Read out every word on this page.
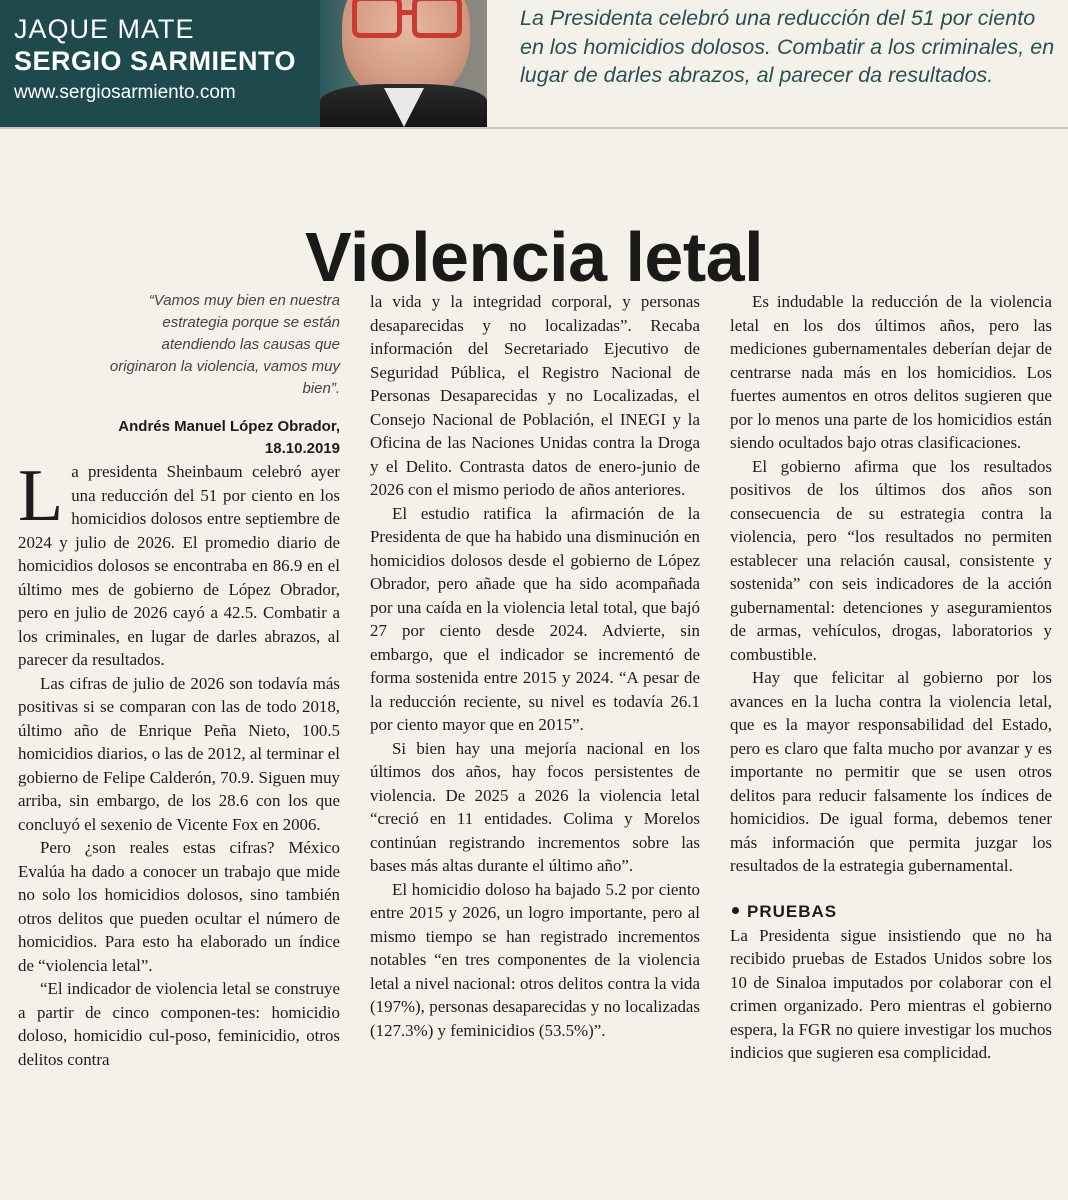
JAQUE MATE
SERGIO SARMIENTO
www.sergiosarmiento.com
La Presidenta celebró una reducción del 51 por ciento en los homicidios dolosos. Combatir a los criminales, en lugar de darles abrazos, al parecer da resultados.
Violencia letal
“Vamos muy bien en nuestra estrategia porque se están atendiendo las causas que originaron la violencia, vamos muy bien”.
Andrés Manuel López Obrador,
18.10.2019

La presidenta Sheinbaum celebró ayer una reducción del 51 por ciento en los homicidios dolosos entre septiembre de 2024 y julio de 2026. El promedio diario de homicidios dolosos se encontraba en 86.9 en el último mes de gobierno de López Obrador, pero en julio de 2026 cayó a 42.5. Combatir a los criminales, en lugar de darles abrazos, al parecer da resultados.

Las cifras de julio de 2026 son todavía más positivas si se comparan con las de todo 2018, último año de Enrique Peña Nieto, 100.5 homicidios diarios, o las de 2012, al terminar el gobierno de Felipe Calderón, 70.9. Siguen muy arriba, sin embargo, de los 28.6 con los que concluyó el sexenio de Vicente Fox en 2006.

Pero ¿son reales estas cifras? México Evalúa ha dado a conocer un trabajo que mide no solo los homicidios dolosos, sino también otros delitos que pueden ocultar el número de homicidios. Para esto ha elaborado un índice de “violencia letal”.

“El indicador de violencia letal se construye a partir de cinco componen-tes: homicidio doloso, homicidio cul-poso, feminicidio, otros delitos contra

la vida y la integridad corporal, y personas desaparecidas y no localizadas”. Recaba información del Secretariado Ejecutivo de Seguridad Pública, el Registro Nacional de Personas Desaparecidas y no Localizadas, el Consejo Nacional de Población, el INEGI y la Oficina de las Naciones Unidas contra la Droga y el Delito. Contrasta datos de enero-junio de 2026 con el mismo periodo de años anteriores.

El estudio ratifica la afirmación de la Presidenta de que ha habido una disminución en homicidios dolosos desde el gobierno de López Obrador, pero añade que ha sido acompañada por una caída en la violencia letal total, que bajó 27 por ciento desde 2024. Advierte, sin embargo, que el indicador se incrementó de forma sostenida entre 2015 y 2024. “A pesar de la reducción reciente, su nivel es todavía 26.1 por ciento mayor que en 2015”.

Si bien hay una mejoría nacional en los últimos dos años, hay focos persistentes de violencia. De 2025 a 2026 la violencia letal “creció en 11 entidades. Colima y Morelos continúan registrando incrementos sobre las bases más altas durante el último año”.

El homicidio doloso ha bajado 5.2 por ciento entre 2015 y 2026, un logro importante, pero al mismo tiempo se han registrado incrementos notables “en tres componentes de la violencia letal a nivel nacional: otros delitos contra la vida (197%), personas desaparecidas y no localizadas (127.3%) y feminicidios (53.5%)”.

Es indudable la reducción de la violencia letal en los dos últimos años, pero las mediciones gubernamentales deberían dejar de centrarse nada más en los homicidios. Los fuertes aumentos en otros delitos sugieren que por lo menos una parte de los homicidios están siendo ocultados bajo otras clasificaciones.

El gobierno afirma que los resultados positivos de los últimos dos años son consecuencia de su estrategia contra la violencia, pero “los resultados no permiten establecer una relación causal, consistente y sostenida” con seis indicadores de la acción gubernamental: detenciones y aseguramientos de armas, vehículos, drogas, laboratorios y combustible.

Hay que felicitar al gobierno por los avances en la lucha contra la violencia letal, que es la mayor responsabilidad del Estado, pero es claro que falta mucho por avanzar y es importante no permitir que se usen otros delitos para reducir falsamente los índices de homicidios. De igual forma, debemos tener más información que permita juzgar los resultados de la estrategia gubernamental.

PRUEBAS

La Presidenta sigue insistiendo que no ha recibido pruebas de Estados Unidos sobre los 10 de Sinaloa imputados por colaborar con el crimen organizado. Pero mientras el gobierno espera, la FGR no quiere investigar los muchos indicios que sugieren esa complicidad.
